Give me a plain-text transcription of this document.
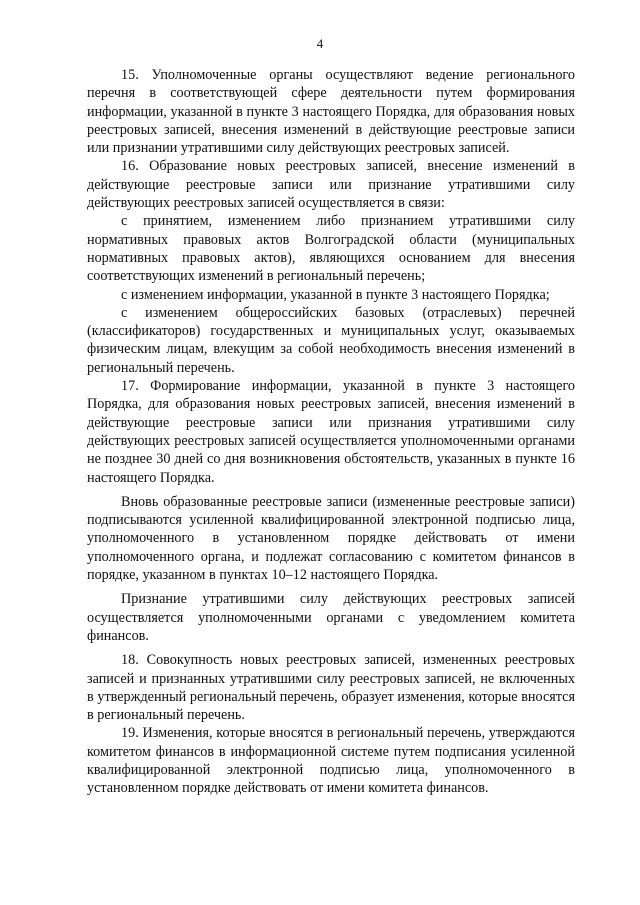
4

15. Уполномоченные органы осуществляют ведение регионального перечня в соответствующей сфере деятельности путем формирования информации, указанной в пункте 3 настоящего Порядка, для образования новых реестровых записей, внесения изменений в действующие реестровые записи или признании утратившими силу действующих реестровых записей.

16. Образование новых реестровых записей, внесение изменений в действующие реестровые записи или признание утратившими силу действующих реестровых записей осуществляется в связи:

с принятием, изменением либо признанием утратившими силу нормативных правовых актов Волгоградской области (муниципальных нормативных правовых актов), являющихся основанием для внесения соответствующих изменений в региональный перечень;

с изменением информации, указанной в пункте 3 настоящего Порядка;

с изменением общероссийских базовых (отраслевых) перечней (классификаторов) государственных и муниципальных услуг, оказываемых физическим лицам, влекущим за собой необходимость внесения изменений в региональный перечень.

17. Формирование информации, указанной в пункте 3 настоящего Порядка, для образования новых реестровых записей, внесения изменений в действующие реестровые записи или признания утратившими силу действующих реестровых записей осуществляется уполномоченными органами не позднее 30 дней со дня возникновения обстоятельств, указанных в пункте 16 настоящего Порядка.

Вновь образованные реестровые записи (измененные реестровые записи) подписываются усиленной квалифицированной электронной подписью лица, уполномоченного в установленном порядке действовать от имени уполномоченного органа, и подлежат согласованию с комитетом финансов в порядке, указанном в пунктах 10–12 настоящего Порядка.

Признание утратившими силу действующих реестровых записей осуществляется уполномоченными органами с уведомлением комитета финансов.

18. Совокупность новых реестровых записей, измененных реестровых записей и признанных утратившими силу реестровых записей, не включенных в утвержденный региональный перечень, образует изменения, которые вносятся в региональный перечень.

19. Изменения, которые вносятся в региональный перечень, утверждаются комитетом финансов в информационной системе путем подписания усиленной квалифицированной электронной подписью лица, уполномоченного в установленном порядке действовать от имени комитета финансов.
